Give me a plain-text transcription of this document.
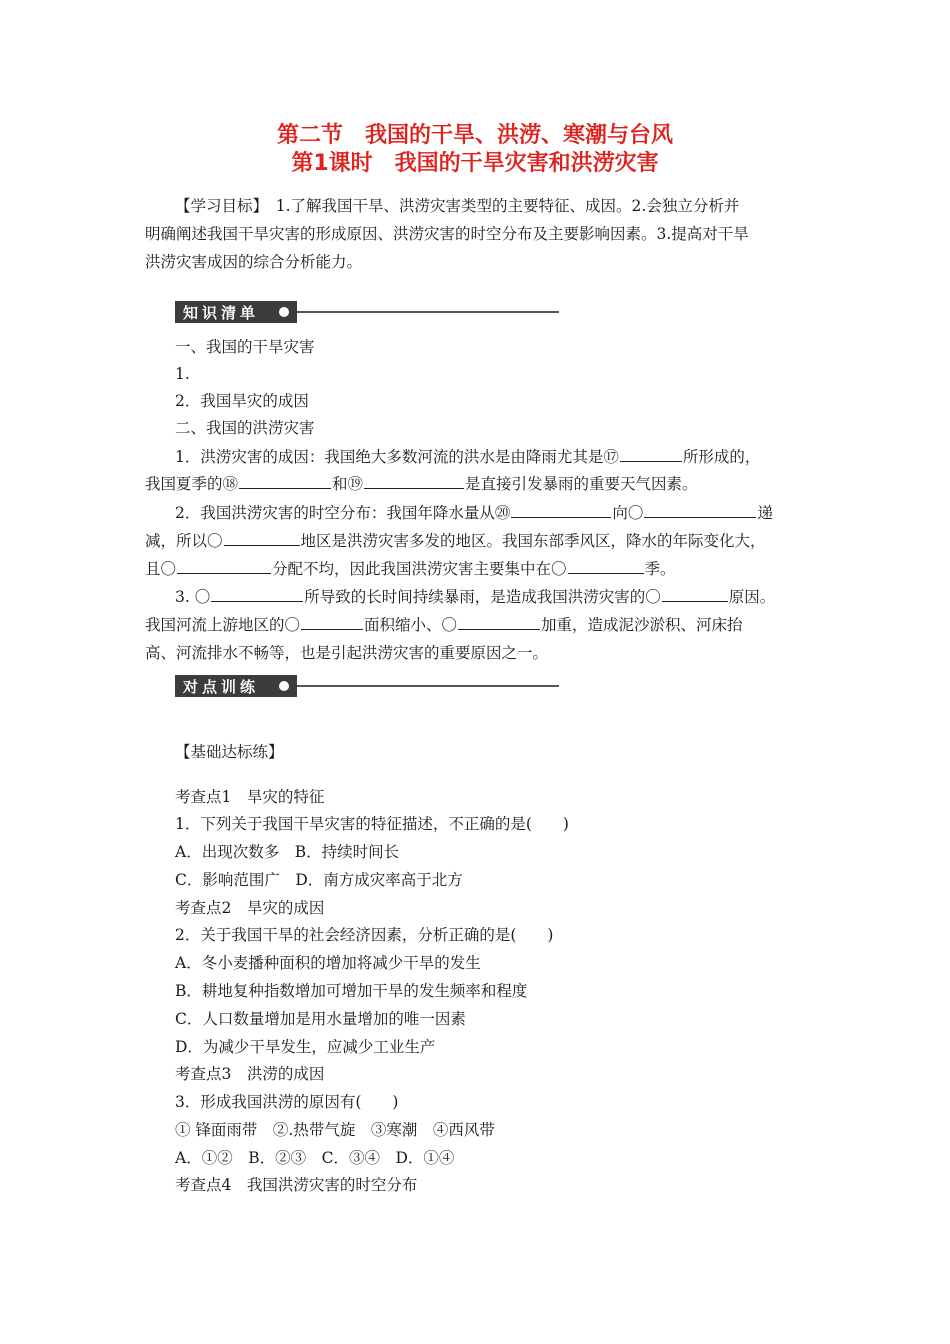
第二节　我国的干旱、洪涝、寒潮与台风
第1课时　我国的干旱灾害和洪涝灾害
【学习目标】　1.了解我国干旱、洪涝灾害类型的主要特征、成因。2.会独立分析并
明确阐述我国干旱灾害的形成原因、洪涝灾害的时空分布及主要影响因素。3.提高对干旱
洪涝灾害成因的综合分析能力。
知识清单
一、我国的干旱灾害
1.
2．我国旱灾的成因
二、我国的洪涝灾害
1．洪涝灾害的成因：我国绝大多数河流的洪水是由降雨尤其是⑰	所形成的，
我国夏季的⑱	和⑲	是直接引发暴雨的重要天气因素。
2．我国洪涝灾害的时空分布：我国年降水量从⑳	向〇	递
减，所以〇	地区是洪涝灾害多发的地区。我国东部季风区，降水的年际变化大，
且〇	分配不均，因此我国洪涝灾害主要集中在〇	季。
3. 〇	所导致的长时间持续暴雨，是造成我国洪涝灾害的〇	原因。
我国河流上游地区的〇	面积缩小、〇	加重，造成泥沙淤积、河床抬
高、河流排水不畅等，也是引起洪涝灾害的重要原因之一。
对点训练
【基础达标练】
考查点1　旱灾的特征
1．下列关于我国干旱灾害的特征描述，不正确的是(　　)
A．出现次数多　B．持续时间长
C．影响范围广　D．南方成灾率高于北方
考查点2　旱灾的成因
2．关于我国干旱的社会经济因素，分析正确的是(　　)
A．冬小麦播种面积的增加将减少干旱的发生
B．耕地复种指数增加可增加干旱的发生频率和程度
C．人口数量增加是用水量增加的唯一因素
D．为减少干旱发生，应减少工业生产
考查点3　洪涝的成因
3．形成我国洪涝的原因有(　　)
① 锋面雨带　②.热带气旋　③寒潮　④西风带
A．①②　B．②③　C．③④　D．①④
考查点4　我国洪涝灾害的时空分布
